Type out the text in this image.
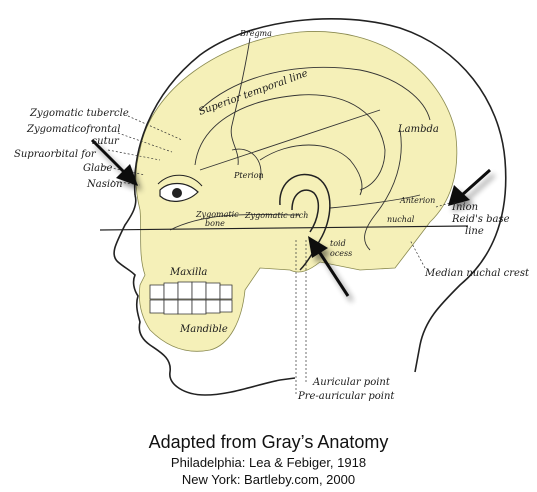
Bregma
Superior temporal line
Lambda
Zygomatic tubercle
Zygomaticofrontal
sutur
Supraorbital for
Glabe
Nasion
Pterion
Anterion
Inion
Reid's base
line
Zygomatic
bone
Zygomatic arch
toid
ocess
nuchal
Median nuchal crest
Maxilla
Mandible
Auricular point
Pre-auricular point
Adapted from Gray’s Anatomy
Philadelphia: Lea & Febiger, 1918
New York: Bartleby.com, 2000
